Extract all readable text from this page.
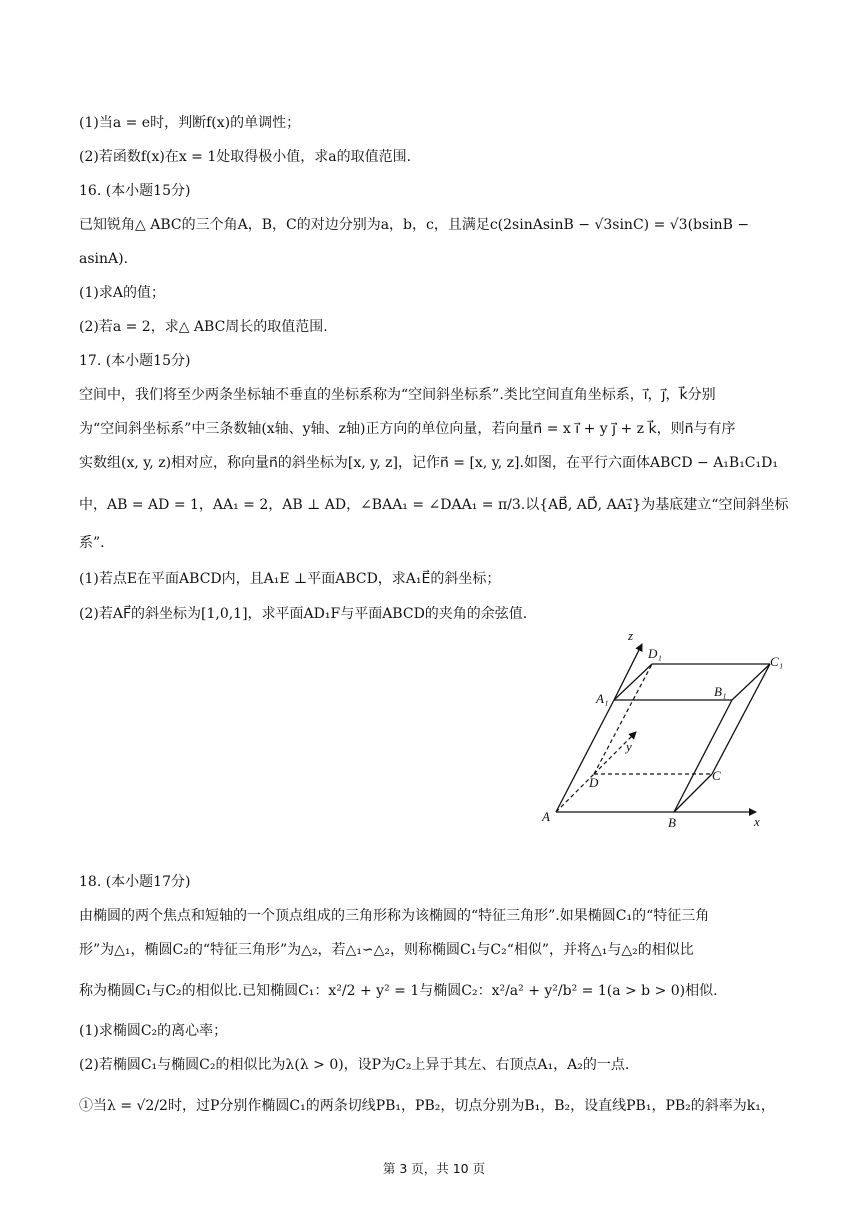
(1)当a = e时，判断f(x)的单调性；
(2)若函数f(x)在x = 1处取得极小值，求a的取值范围.
16. (本小题15分)
已知锐角△ ABC的三个角A，B，C的对边分别为a，b，c，且满足c(2sinAsinB − √3sinC) = √3(bsinB −
asinA).
(1)求A的值；
(2)若a = 2，求△ ABC周长的取值范围.
17. (本小题15分)
空间中，我们将至少两条坐标轴不垂直的坐标系称为“空间斜坐标系”.类比空间直角坐标系，i⃗，j⃗，k⃗分别
为“空间斜坐标系”中三条数轴(x轴、y轴、z轴)正方向的单位向量，若向量n⃗ = x i⃗ + y j⃗ + z k⃗，则n⃗与有序
实数组(x, y, z)相对应，称向量n⃗的斜坐标为[x, y, z]，记作n⃗ = [x, y, z].如图，在平行六面体ABCD − A₁B₁C₁D₁
中，AB = AD = 1，AA₁ = 2，AB ⊥ AD，∠BAA₁ = ∠DAA₁ = π/3.以{AB⃗, AD⃗, AA₁⃗}为基底建立“空间斜坐标
系”.
(1)若点E在平面ABCD内，且A₁E ⊥平面ABCD，求A₁E⃗的斜坐标；
(2)若AF⃗的斜坐标为[1,0,1]，求平面AD₁F与平面ABCD的夹角的余弦值.
A	B
C
D
A₁	B₁
C₁
D₁
x
y
z
18. (本小题17分)
由椭圆的两个焦点和短轴的一个顶点组成的三角形称为该椭圆的“特征三角形”.如果椭圆C₁的“特征三角
形”为△₁，椭圆C₂的“特征三角形”为△₂，若△₁∽△₂，则称椭圆C₁与C₂“相似”，并将△₁与△₂的相似比
称为椭圆C₁与C₂的相似比.已知椭圆C₁：x²/2 + y² = 1与椭圆C₂：x²/a² + y²/b² = 1(a > b > 0)相似.
(1)求椭圆C₂的离心率；
(2)若椭圆C₁与椭圆C₂的相似比为λ(λ > 0)，设P为C₂上异于其左、右顶点A₁，A₂的一点.
①当λ = √2/2时，过P分别作椭圆C₁的两条切线PB₁，PB₂，切点分别为B₁，B₂，设直线PB₁，PB₂的斜率为k₁，
第 3 页，共 10 页
